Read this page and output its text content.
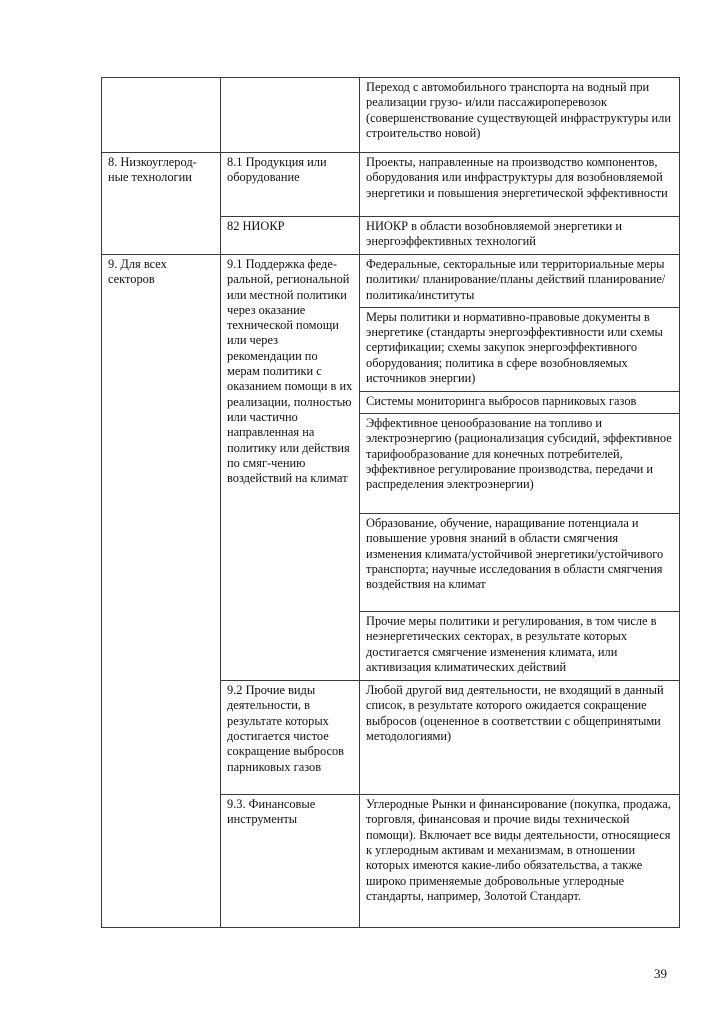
		Переход с автомобильного транспорта на водный при реализации грузо- и/или пассажироперевозок (совершенствование существующей инфраструктуры или строительство новой)
8. Низкоуглерод-ные технологии	8.1 Продукция или оборудование	Проекты, направленные на производство компонентов, оборудования или инфраструктуры для возобновляемой энергетики и повышения энергетической эффективности
	82 НИОКР	НИОКР в области возобновляемой энергетики и энергоэффективных технологий
9. Для всех секторов	9.1 Поддержка феде-ральной, региональной или местной политики через оказание технической помощи или через рекомендации по мерам политики с оказанием помощи в их реализации, полностью или частично направленная на политику или действия по смяг-чению воздействий на климат	Федеральные, секторальные или территориальные меры политики/ планирование/планы действий планирование/политика/институты
		Меры политики и нормативно-правовые документы в энергетике (стандарты энергоэффективности или схемы сертификации; схемы закупок энергоэффективного оборудования; политика в сфере возобновляемых источников энергии)
		Системы мониторинга выбросов парниковых газов
		Эффективное ценообразование на топливо и электроэнергию (рационализация субсидий, эффективное тарифообразование для конечных потребителей, эффективное регулирование производства, передачи и распределения электроэнергии)
		Образование, обучение, наращивание потенциала и повышение уровня знаний в области смягчения изменения климата/устойчивой энергетики/устойчивого транспорта; научные исследования в области смягчения воздействия на климат
		Прочие меры политики и регулирования, в том числе в неэнергетических секторах, в результате которых достигается смягчение изменения климата, или активизация климатических действий
	9.2 Прочие виды деятельности, в результате которых достигается чистое сокращение выбросов парниковых газов	Любой другой вид деятельности, не входящий в данный список, в результате которого ожидается сокращение выбросов (оцененное в соответствии с общепринятыми методологиями)
	9.3. Финансовые инструменты	Углеродные Рынки и финансирование (покупка, продажа, торговля, финансовая и прочие виды технической помощи). Включает все виды деятельности, относящиеся к углеродным активам и механизмам, в отношении которых имеются какие-либо обязательства, а также широко применяемые добровольные углеродные стандарты, например, Золотой Стандарт.
39
